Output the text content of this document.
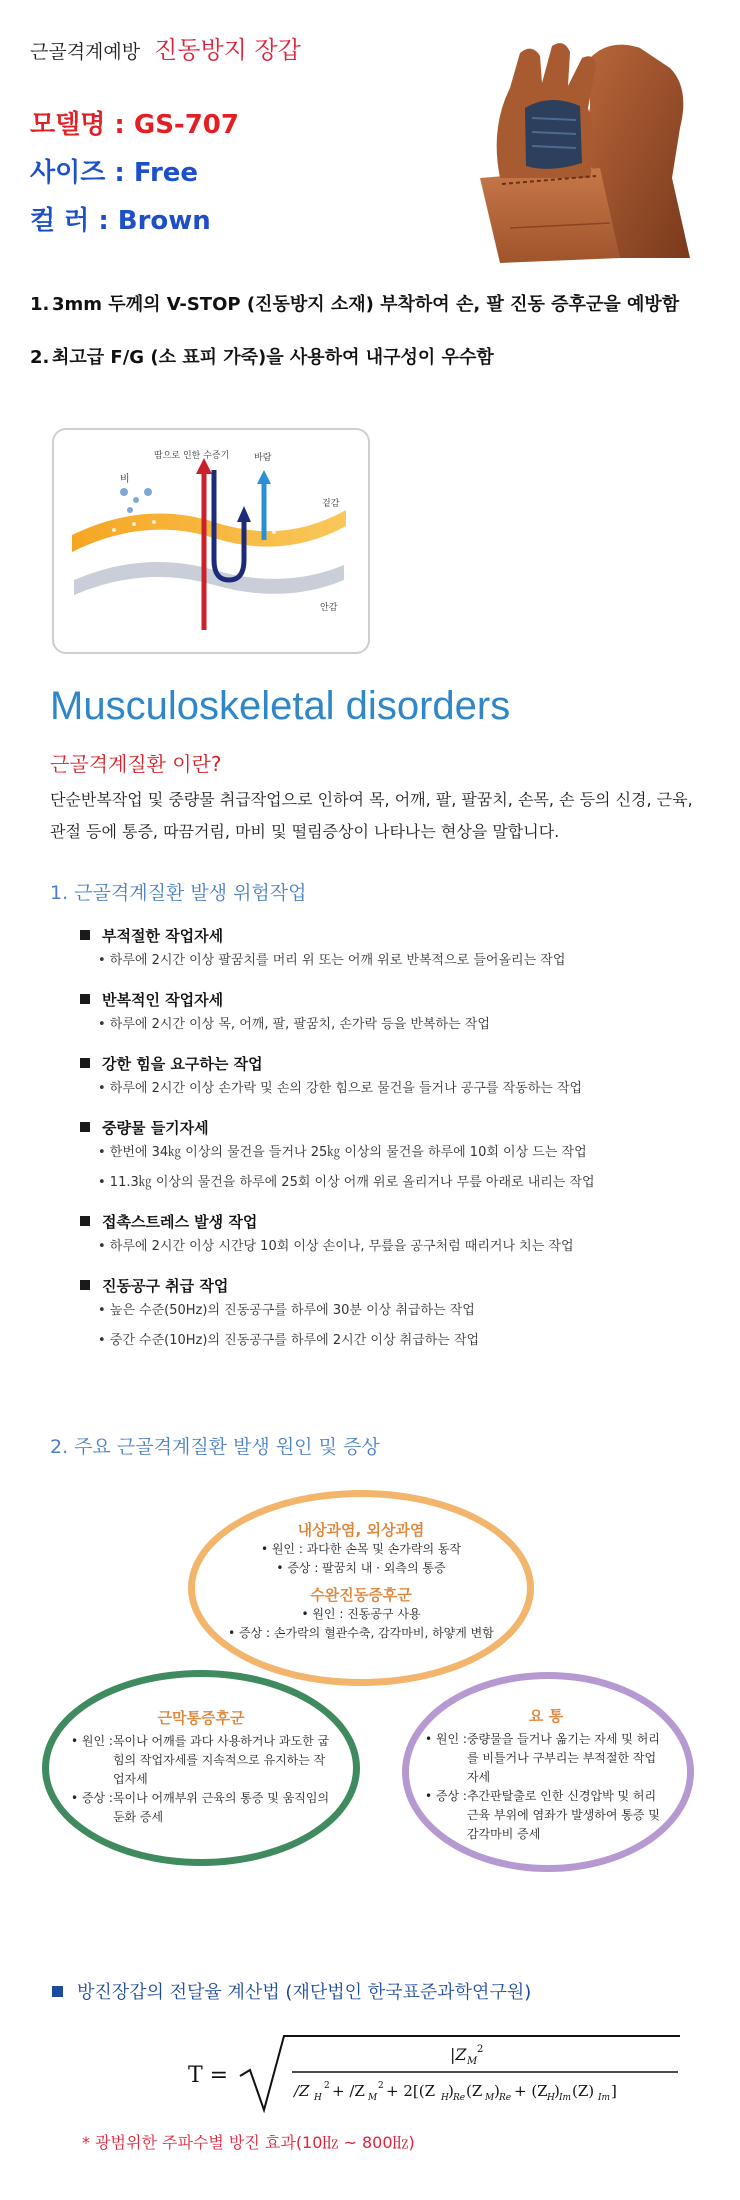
근골격계예방 진동방지 장갑
모델명 : GS-707
사이즈 : Free
컬 러 : Brown
1. 3mm 두께의 V-STOP (진동방지 소재) 부착하여 손, 팔 진동 증후군을 예방함
2. 최고급 F/G (소 표피 가죽)을 사용하여 내구성이 우수함
비
땀으로 인한 수증기	바람
겉감
안감
Musculoskeletal disorders
근골격계질환 이란?
단순반복작업 및 중량물 취급작업으로 인하여 목, 어깨, 팔, 팔꿈치, 손목, 손 등의 신경, 근육, 관절 등에 통증, 따끔거림, 마비 및 떨림증상이 나타나는 현상을 말합니다.
1. 근골격계질환 발생 위험작업
부적절한 작업자세
• 하루에 2시간 이상 팔꿈치를 머리 위 또는 어깨 위로 반복적으로 들어올리는 작업
반복적인 작업자세
• 하루에 2시간 이상 목, 어깨, 팔, 팔꿈치, 손가락 등을 반복하는 작업
강한 힘을 요구하는 작업
• 하루에 2시간 이상 손가락 및 손의 강한 힘으로 물건을 들거나 공구를 작동하는 작업
중량물 들기자세
• 한번에 34㎏ 이상의 물건을 들거나 25㎏ 이상의 물건을 하루에 10회 이상 드는 작업
• 11.3㎏ 이상의 물건을 하루에 25회 이상 어깨 위로 올리거나 무릎 아래로 내리는 작업
접촉스트레스 발생 작업
• 하루에 2시간 이상 시간당 10회 이상 손이나, 무릎을 공구처럼 때리거나 치는 작업
진동공구 취급 작업
• 높은 수준(50Hz)의 진동공구를 하루에 30분 이상 취급하는 작업
• 중간 수준(10Hz)의 진동공구를 하루에 2시간 이상 취급하는 작업
2. 주요 근골격계질환 발생 원인 및 증상
내상과염, 외상과염
• 원인 : 과다한 손목 및 손가락의 동작
• 증상 : 팔꿈치 내 · 외측의 통증
수완진동증후군
• 원인 : 진동공구 사용
• 증상 : 손가락의 혈관수축, 감각마비, 하얗게 변함
근막통증후군
• 원인 : 목이나 어깨를 과다 사용하거나 과도한 굽힘의 작업자세를 지속적으로 유지하는 작업자세
• 증상 : 목이나 어깨부위 근육의 통증 및 움직임의 둔화 증세
요 통
• 원인 : 중량물을 들거나 옮기는 자세 및 허리를 비틀거나 구부리는 부적절한 작업자세
• 증상 : 추간판탈출로 인한 신경압박 및 허리 근육 부위에 염좌가 발생하여 통증 및 감각마비 증세
방진장갑의 전달율 계산법 (재단법인 한국표준과학연구원)
T =
|Z M
2
/Z H
2 + /Z M
2 + 2[(Z H ) Re (Z M ) Re + (Z H ) Im (Z) Im ]
* 광범위한 주파수별 방진 효과(10㎐ ~ 800㎐)
